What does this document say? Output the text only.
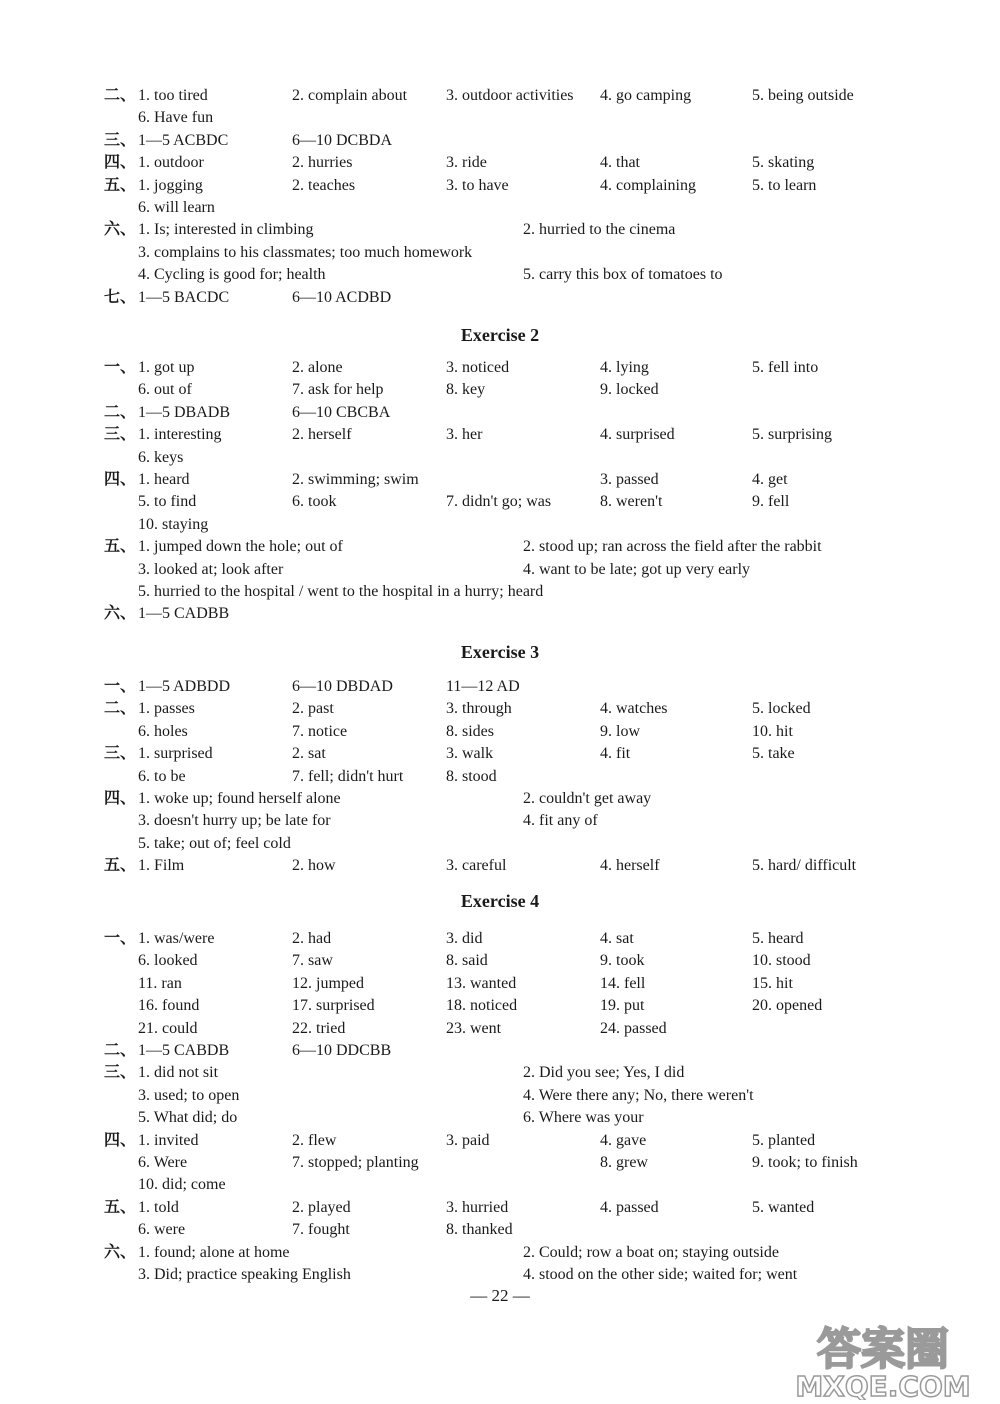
二、 1. too tired	2. complain about 3. outdoor activities 4. go camping	5. being outside
6. Have fun
三、 1—5 ACBDC	6—10 DCBDA
四、 1. outdoor	2. hurries	3. ride	4. that	5. skating
五、 1. jogging	2. teaches	3. to have	4. complaining	5. to learn
6. will learn
六、 1. Is; interested in climbing	2. hurried to the cinema
3. complains to his classmates; too much homework
4. Cycling is good for; health	5. carry this box of tomatoes to
七、 1—5 BACDC	6—10 ACDBD
Exercise 2
一、 1. got up	2. alone	3. noticed	4. lying	5. fell into
6. out of	7. ask for help	8. key	9. locked
二、 1—5 DBADB	6—10 CBCBA
三、 1. interesting	2. herself	3. her	4. surprised	5. surprising
6. keys
四、 1. heard	2. swimming; swim	3. passed	4. get
5. to find	6. took	7. didn't go; was	8. weren't	9. fell
10. staying
五、 1. jumped down the hole; out of	2. stood up; ran across the field after the rabbit
3. looked at; look after	4. want to be late; got up very early
5. hurried to the hospital / went to the hospital in a hurry; heard
六、 1—5 CADBB
Exercise 3
一、 1—5 ADBDD	6—10 DBDAD	11—12 AD
二、 1. passes	2. past	3. through	4. watches	5. locked
6. holes	7. notice	8. sides	9. low	10. hit
三、 1. surprised	2. sat	3. walk	4. fit	5. take
6. to be	7. fell; didn't hurt	8. stood
四、 1. woke up; found herself alone	2. couldn't get away
3. doesn't hurry up; be late for	4. fit any of
5. take; out of; feel cold
五、 1. Film	2. how	3. careful	4. herself	5. hard/ difficult
Exercise 4
一、 1. was/were	2. had	3. did	4. sat	5. heard
6. looked	7. saw	8. said	9. took	10. stood
11. ran	12. jumped	13. wanted	14. fell	15. hit
16. found	17. surprised	18. noticed	19. put	20. opened
21. could	22. tried	23. went	24. passed
二、 1—5 CABDB	6—10 DDCBB
三、 1. did not sit	2. Did you see; Yes, I did
3. used; to open	4. Were there any; No, there weren't
5. What did; do	6. Where was your
四、 1. invited	2. flew	3. paid	4. gave	5. planted
6. Were	7. stopped; planting	8. grew	9. took; to finish
10. did; come
五、 1. told	2. played	3. hurried	4. passed	5. wanted
6. were	7. fought	8. thanked
六、 1. found; alone at home	2. Could; row a boat on; staying outside
3. Did; practice speaking English	4. stood on the other side; waited for; went
— 22 —
答案圈
MXQE.COM
